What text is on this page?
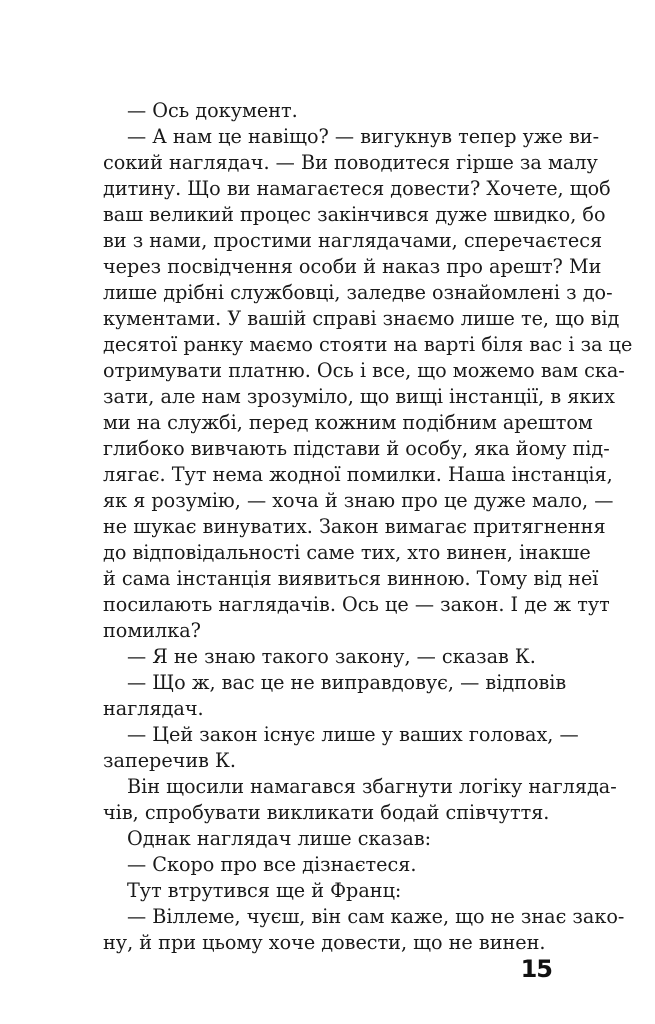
— Ось документ.
— А нам це навіщо? — вигукнув тепер уже ви-
сокий наглядач. — Ви поводитеся гірше за малу
дитину. Що ви намагаєтеся довести? Хочете, щоб
ваш великий процес закінчився дуже швидко, бо
ви з нами, простими наглядачами, сперечаєтеся
через посвідчення особи й наказ про арешт? Ми
лише дрібні службовці, заледве ознайомлені з до-
кументами. У вашій справі знаємо лише те, що від
десятої ранку маємо стояти на варті біля вас і за це
отримувати платню. Ось і все, що можемо вам ска-
зати, але нам зрозуміло, що вищі інстанції, в яких
ми на службі, перед кожним подібним арештом
глибоко вивчають підстави й особу, яка йому під-
лягає. Тут нема жодної помилки. Наша інстанція,
як я розумію, — хоча й знаю про це дуже мало, —
не шукає винуватих. Закон вимагає притягнення
до відповідальності саме тих, хто винен, інакше
й сама інстанція виявиться винною. Тому від неї
посилають наглядачів. Ось це — закон. І де ж тут
помилка?
— Я не знаю такого закону, — сказав К.
— Що ж, вас це не виправдовує, — відповів
наглядач.
— Цей закон існує лише у ваших головах, —
заперечив К.
Він щосили намагався збагнути логіку наглядa-
чів, спробувати викликати бодай співчуття.
Однак наглядач лише сказав:
— Скоро про все дізнаєтеся.
Тут втрутився ще й Франц:
— Віллеме, чуєш, він сам каже, що не знає зако-
ну, й при цьому хоче довести, що не винен.
15
